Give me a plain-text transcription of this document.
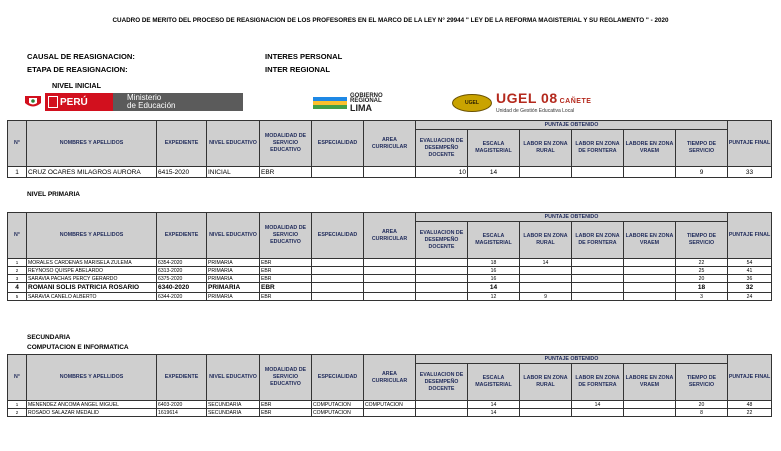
CUADRO DE MERITO DEL PROCESO DE REASIGNACION DE LOS PROFESORES EN EL MARCO DE LA LEY N° 29944 " LEY DE LA REFORMA MAGISTERIAL Y SU REGLAMENTO " - 2020
CAUSAL DE REASIGNACION:	INTERES PERSONAL
ETAPA DE REASIGNACION:	INTER REGIONAL
NIVEL INICIAL
PERÚ	Ministerio
de Educación
GOBIERNO
REGIONAL
LIMA
UGEL	UGEL 08 CAÑETE
Unidad de Gestión Educativa Local
N°	NOMBRES Y APELLIDOS	EXPEDIENTE	NIVEL EDUCATIVO	MODALIDAD DE SERVICIO EDUCATIVO	ESPECIALIDAD	AREA CURRICULAR	PUNTAJE OBTENIDO						PUNTAJE FINAL
							EVALUACION DE DESEMPEÑO DOCENTE	ESCALA MAGISTERIAL	LABOR EN ZONA RURAL	LABOR EN ZONA DE FORNTERA	LABORE EN ZONA VRAEM	TIEMPO DE SERVICIO	
1	CRUZ OCARES MILAGROS AURORA	6415-2020	INICIAL	EBR			10	14				9	33
NIVEL PRIMARIA
N°	NOMBRES Y APELLIDOS	EXPEDIENTE	NIVEL EDUCATIVO	MODALIDAD DE SERVICIO EDUCATIVO	ESPECIALIDAD	AREA CURRICULAR	PUNTAJE OBTENIDO						PUNTAJE FINAL
							EVALUACION DE DESEMPEÑO DOCENTE	ESCALA MAGISTERIAL	LABOR EN ZONA RURAL	LABOR EN ZONA DE FORNTERA	LABORE EN ZONA VRAEM	TIEMPO DE SERVICIO	
1	MORALES CARDENAS MARISELA ZULEMA	6354-2020	PRIMARIA	EBR				18	14			22	54
2	REYNOSO QUISPE ABELARDO	6313-2020	PRIMARIA	EBR				16				25	41
3	SARAVIA PACHAS PERCY GERARDO	6375-2020	PRIMARIA	EBR				16				20	36
4	ROMANI SOLIS PATRICIA ROSARIO	6340-2020	PRIMARIA	EBR				14				18	32
5	SARAVIA CANELO ALBERTO	6344-2020	PRIMARIA	EBR				12	9			3	24
SECUNDARIA
COMPUTACION E INFORMATICA
N°	NOMBRES Y APELLIDOS	EXPEDIENTE	NIVEL EDUCATIVO	MODALIDAD DE SERVICIO EDUCATIVO	ESPECIALIDAD	AREA CURRICULAR	PUNTAJE OBTENIDO						PUNTAJE FINAL
							EVALUACION DE DESEMPEÑO DOCENTE	ESCALA MAGISTERIAL	LABOR EN ZONA RURAL	LABOR EN ZONA DE FORNTERA	LABORE EN ZONA VRAEM	TIEMPO DE SERVICIO	
1	MENENDEZ ANCOMA ANGEL MIGUEL	6403-2020	SECUNDARIA	EBR	COMPUTACION	COMPUTACION		14		14		20	48
2	ROSADO SALAZAR MEDALID	1619614	SECUNDARIA	EBR	COMPUTACION			14				8	22
